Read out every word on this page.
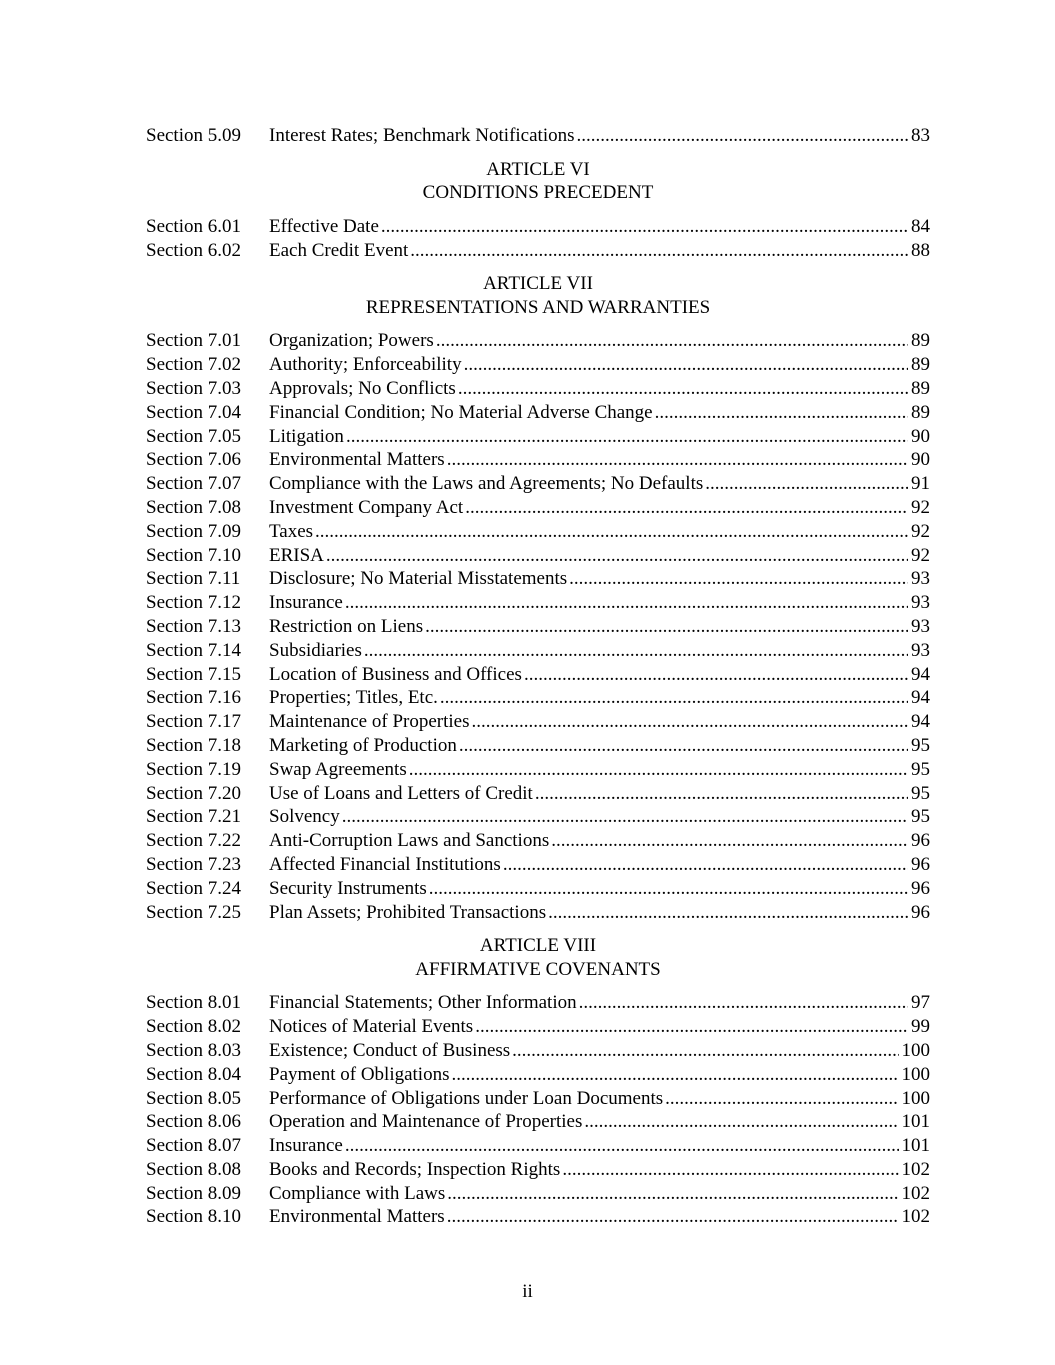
Section 5.09	Interest Rates; Benchmark Notifications .....	83
ARTICLE VI
CONDITIONS PRECEDENT
Section 6.01	Effective Date .....	84
Section 6.02	Each Credit Event .....	88
ARTICLE VII
REPRESENTATIONS AND WARRANTIES
Section 7.01	Organization; Powers .....	89
Section 7.02	Authority; Enforceability .....	89
Section 7.03	Approvals; No Conflicts .....	89
Section 7.04	Financial Condition; No Material Adverse Change .....	89
Section 7.05	Litigation .....	90
Section 7.06	Environmental Matters .....	90
Section 7.07	Compliance with the Laws and Agreements; No Defaults .....	91
Section 7.08	Investment Company Act .....	92
Section 7.09	Taxes .....	92
Section 7.10	ERISA .....	92
Section 7.11	Disclosure; No Material Misstatements .....	93
Section 7.12	Insurance .....	93
Section 7.13	Restriction on Liens .....	93
Section 7.14	Subsidiaries .....	93
Section 7.15	Location of Business and Offices .....	94
Section 7.16	Properties; Titles, Etc. .....	94
Section 7.17	Maintenance of Properties .....	94
Section 7.18	Marketing of Production .....	95
Section 7.19	Swap Agreements .....	95
Section 7.20	Use of Loans and Letters of Credit .....	95
Section 7.21	Solvency .....	95
Section 7.22	Anti-Corruption Laws and Sanctions .....	96
Section 7.23	Affected Financial Institutions .....	96
Section 7.24	Security Instruments .....	96
Section 7.25	Plan Assets; Prohibited Transactions .....	96
ARTICLE VIII
AFFIRMATIVE COVENANTS
Section 8.01	Financial Statements; Other Information .....	97
Section 8.02	Notices of Material Events .....	99
Section 8.03	Existence; Conduct of Business .....	100
Section 8.04	Payment of Obligations .....	100
Section 8.05	Performance of Obligations under Loan Documents .....	100
Section 8.06	Operation and Maintenance of Properties .....	101
Section 8.07	Insurance .....	101
Section 8.08	Books and Records; Inspection Rights .....	102
Section 8.09	Compliance with Laws .....	102
Section 8.10	Environmental Matters .....	102
ii
